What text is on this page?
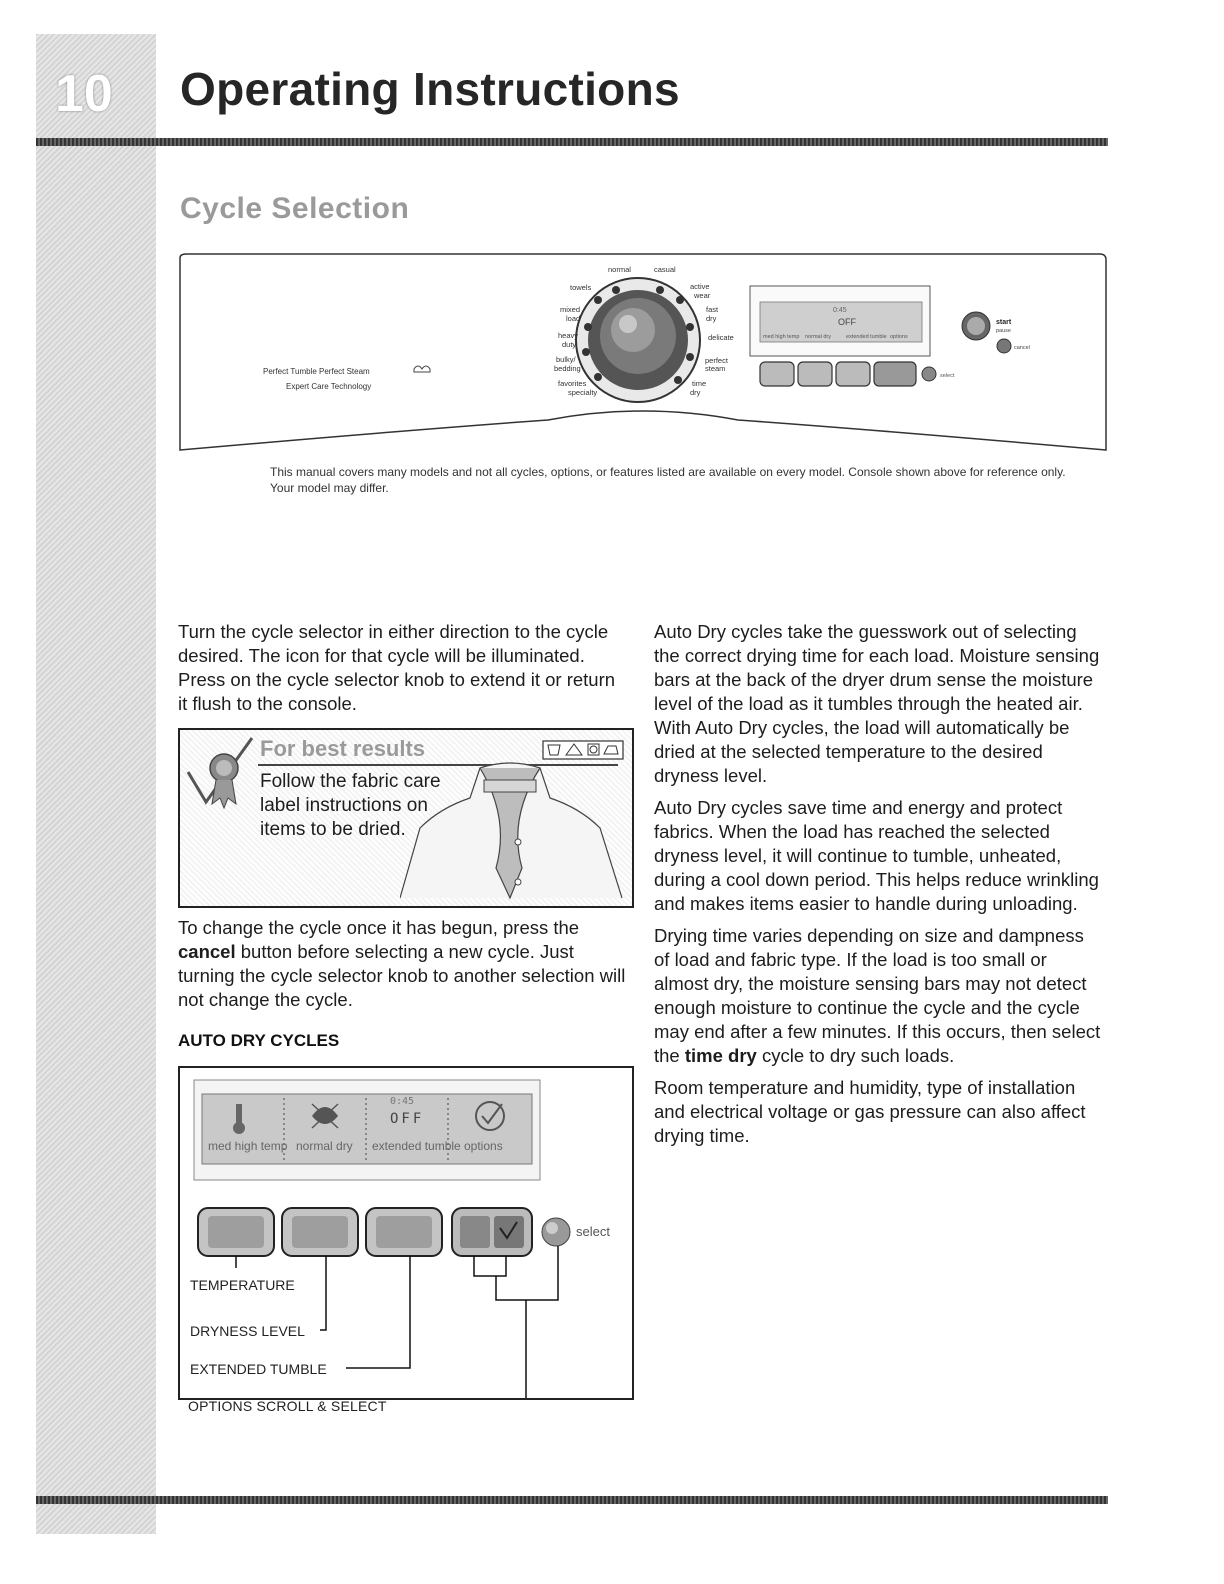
10 Operating Instructions
Cycle Selection
Perfect Tumble Perfect Steam
Expert Care Technology
normal	casual
towels	active
wear
mixed
load
fast
dry
heavy
duty
delicate
bulky/
bedding
perfect
steam
favorites
specialty
time
dry
0:45
OFF
med high temp normal dry	extended tumble options
start
pause
cancel
select
This manual covers many models and not all cycles, options, or features listed are available on every model. Console shown above for reference only. Your model may differ.

Turn the cycle selector in either direction to the cycle desired. The icon for that cycle will be illuminated. Press on the cycle selector knob to extend it or return it flush to the console.

For best results
Follow the fabric care label instructions on items to be dried.

To change the cycle once it has begun, press the cancel button before selecting a new cycle. Just turning the cycle selector knob to another selection will not change the cycle.

AUTO DRY CYCLES
OFF
0:45
med high temp normal dry extended tumble options
select
TEMPERATURE
DRYNESS LEVEL
EXTENDED TUMBLE
OPTIONS SCROLL & SELECT

Auto Dry cycles take the guesswork out of selecting the correct drying time for each load. Moisture sensing bars at the back of the dryer drum sense the moisture level of the load as it tumbles through the heated air. With Auto Dry cycles, the load will automatically be dried at the selected temperature to the desired dryness level.

Auto Dry cycles save time and energy and protect fabrics. When the load has reached the selected dryness level, it will continue to tumble, unheated, during a cool down period. This helps reduce wrinkling and makes items easier to handle during unloading.

Drying time varies depending on size and dampness of load and fabric type. If the load is too small or almost dry, the moisture sensing bars may not detect enough moisture to continue the cycle and the cycle may end after a few minutes. If this occurs, then select the time dry cycle to dry such loads.

Room temperature and humidity, type of installation and electrical voltage or gas pressure can also affect drying time.
